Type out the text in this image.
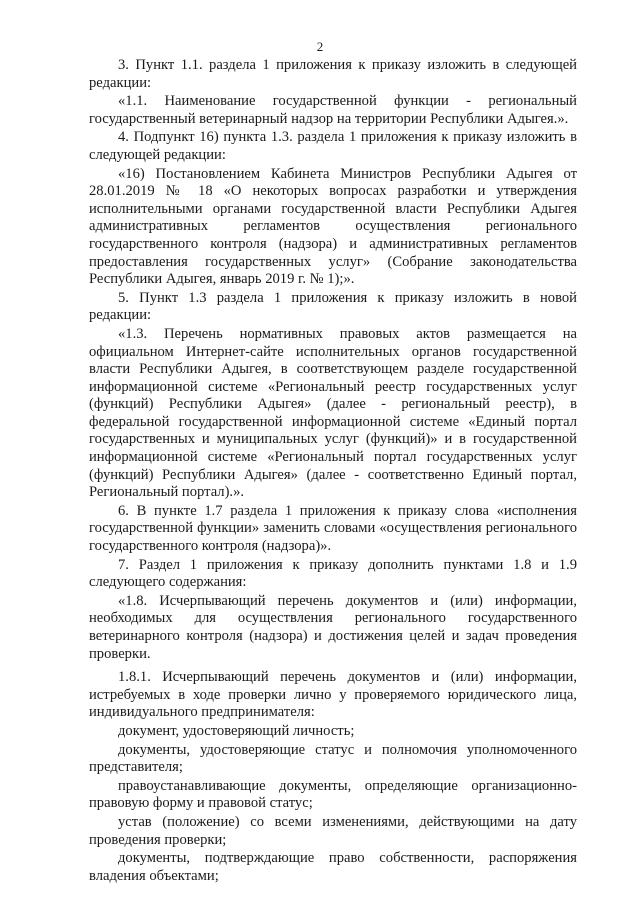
2

3. Пункт 1.1. раздела 1 приложения к приказу изложить в следующей редакции:

«1.1. Наименование государственной функции - региональный государственный ветеринарный надзор на территории Республики Адыгея.».

4. Подпункт 16) пункта 1.3. раздела 1 приложения к приказу изложить в следующей редакции:

«16) Постановлением Кабинета Министров Республики Адыгея от 28.01.2019 № 18 «О некоторых вопросах разработки и утверждения исполнительными органами государственной власти Республики Адыгея административных регламентов осуществления регионального государственного контроля (надзора) и административных регламентов предоставления государственных услуг» (Собрание законодательства Республики Адыгея, январь 2019 г. № 1);».

5. Пункт 1.3 раздела 1 приложения к приказу изложить в новой редакции:

«1.3. Перечень нормативных правовых актов размещается на официальном Интернет-сайте исполнительных органов государственной власти Республики Адыгея, в соответствующем разделе государственной информационной системе «Региональный реестр государственных услуг (функций) Республики Адыгея» (далее - региональный реестр), в федеральной государственной информационной системе «Единый портал государственных и муниципальных услуг (функций)» и в государственной информационной системе «Региональный портал государственных услуг (функций) Республики Адыгея» (далее - соответственно Единый портал, Региональный портал).».

6. В пункте 1.7 раздела 1 приложения к приказу слова «исполнения государственной функции» заменить словами «осуществления регионального государственного контроля (надзора)».

7. Раздел 1 приложения к приказу дополнить пунктами 1.8 и 1.9 следующего содержания:

«1.8. Исчерпывающий перечень документов и (или) информации, необходимых для осуществления регионального государственного ветеринарного контроля (надзора) и достижения целей и задач проведения проверки.

1.8.1. Исчерпывающий перечень документов и (или) информации, истребуемых в ходе проверки лично у проверяемого юридического лица, индивидуального предпринимателя:

документ, удостоверяющий личность;

документы, удостоверяющие статус и полномочия уполномоченного представителя;

правоустанавливающие документы, определяющие организационно-правовую форму и правовой статус;

устав (положение) со всеми изменениями, действующими на дату проведения проверки;

документы, подтверждающие право собственности, распоряжения владения объектами;
